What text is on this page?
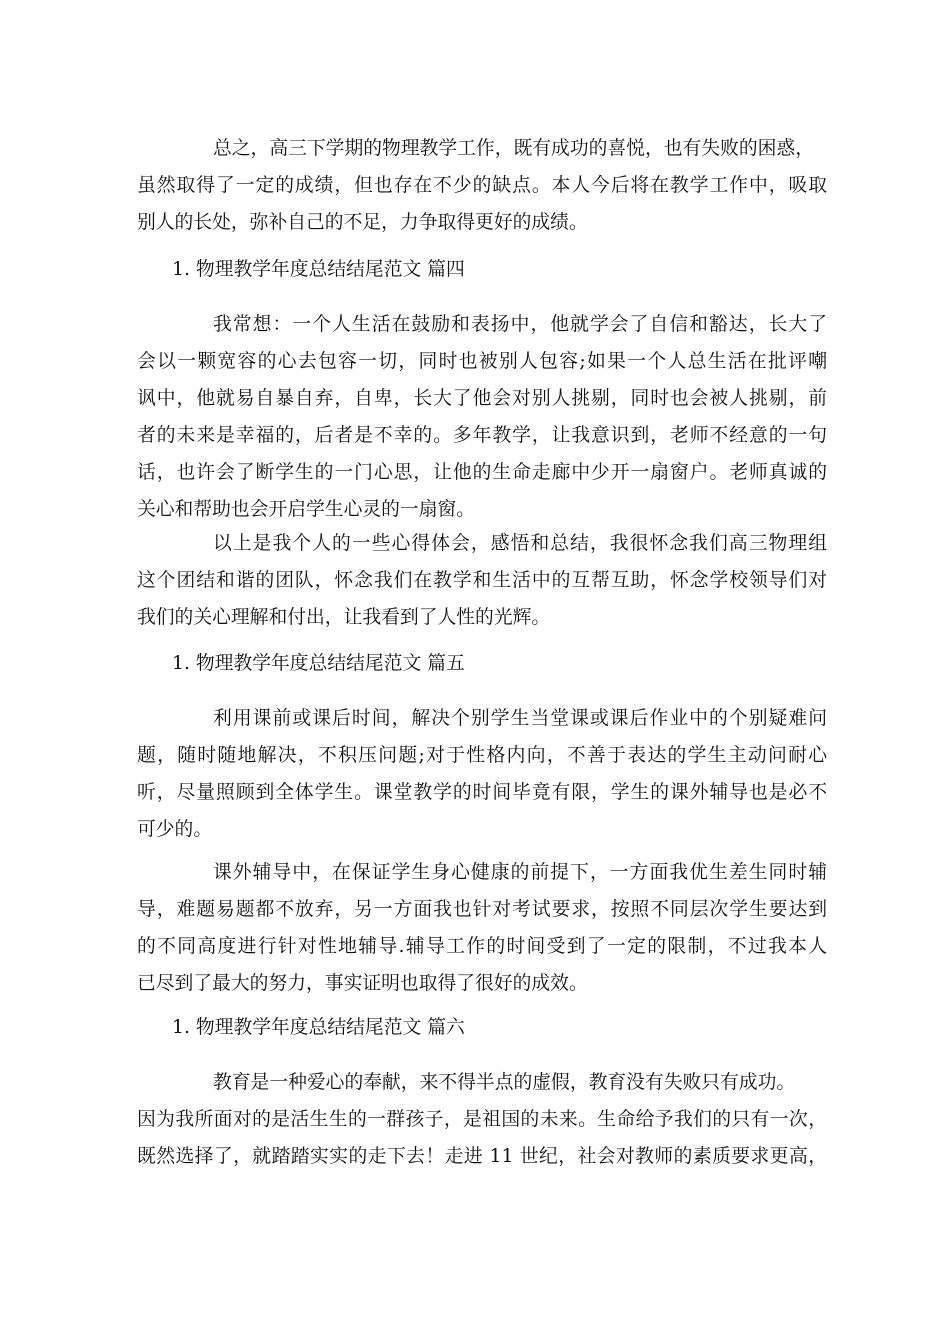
总之，高三下学期的物理教学工作，既有成功的喜悦，也有失败的困惑，
虽然取得了一定的成绩，但也存在不少的缺点。本人今后将在教学工作中，吸取
别人的长处，弥补自己的不足，力争取得更好的成绩。
1. 物理教学年度总结结尾范文 篇四
我常想：一个人生活在鼓励和表扬中，他就学会了自信和豁达，长大了
会以一颗宽容的心去包容一切，同时也被别人包容;如果一个人总生活在批评嘲
讽中，他就易自暴自弃，自卑，长大了他会对别人挑剔，同时也会被人挑剔，前
者的未来是幸福的，后者是不幸的。多年教学，让我意识到，老师不经意的一句
话，也许会了断学生的一门心思，让他的生命走廊中少开一扇窗户。老师真诚的
关心和帮助也会开启学生心灵的一扇窗。
以上是我个人的一些心得体会，感悟和总结，我很怀念我们高三物理组
这个团结和谐的团队，怀念我们在教学和生活中的互帮互助，怀念学校领导们对
我们的关心理解和付出，让我看到了人性的光辉。
1. 物理教学年度总结结尾范文 篇五
利用课前或课后时间，解决个别学生当堂课或课后作业中的个别疑难问
题，随时随地解决，不积压问题;对于性格内向，不善于表达的学生主动问耐心
听，尽量照顾到全体学生。课堂教学的时间毕竟有限，学生的课外辅导也是必不
可少的。
课外辅导中，在保证学生身心健康的前提下，一方面我优生差生同时辅
导，难题易题都不放弃，另一方面我也针对考试要求，按照不同层次学生要达到
的不同高度进行针对性地辅导.辅导工作的时间受到了一定的限制，不过我本人
已尽到了最大的努力，事实证明也取得了很好的成效。
1. 物理教学年度总结结尾范文 篇六
教育是一种爱心的奉献，来不得半点的虚假，教育没有失败只有成功。
因为我所面对的是活生生的一群孩子，是祖国的未来。生命给予我们的只有一次，
既然选择了，就踏踏实实的走下去！走进 11 世纪，社会对教师的素质要求更高，
